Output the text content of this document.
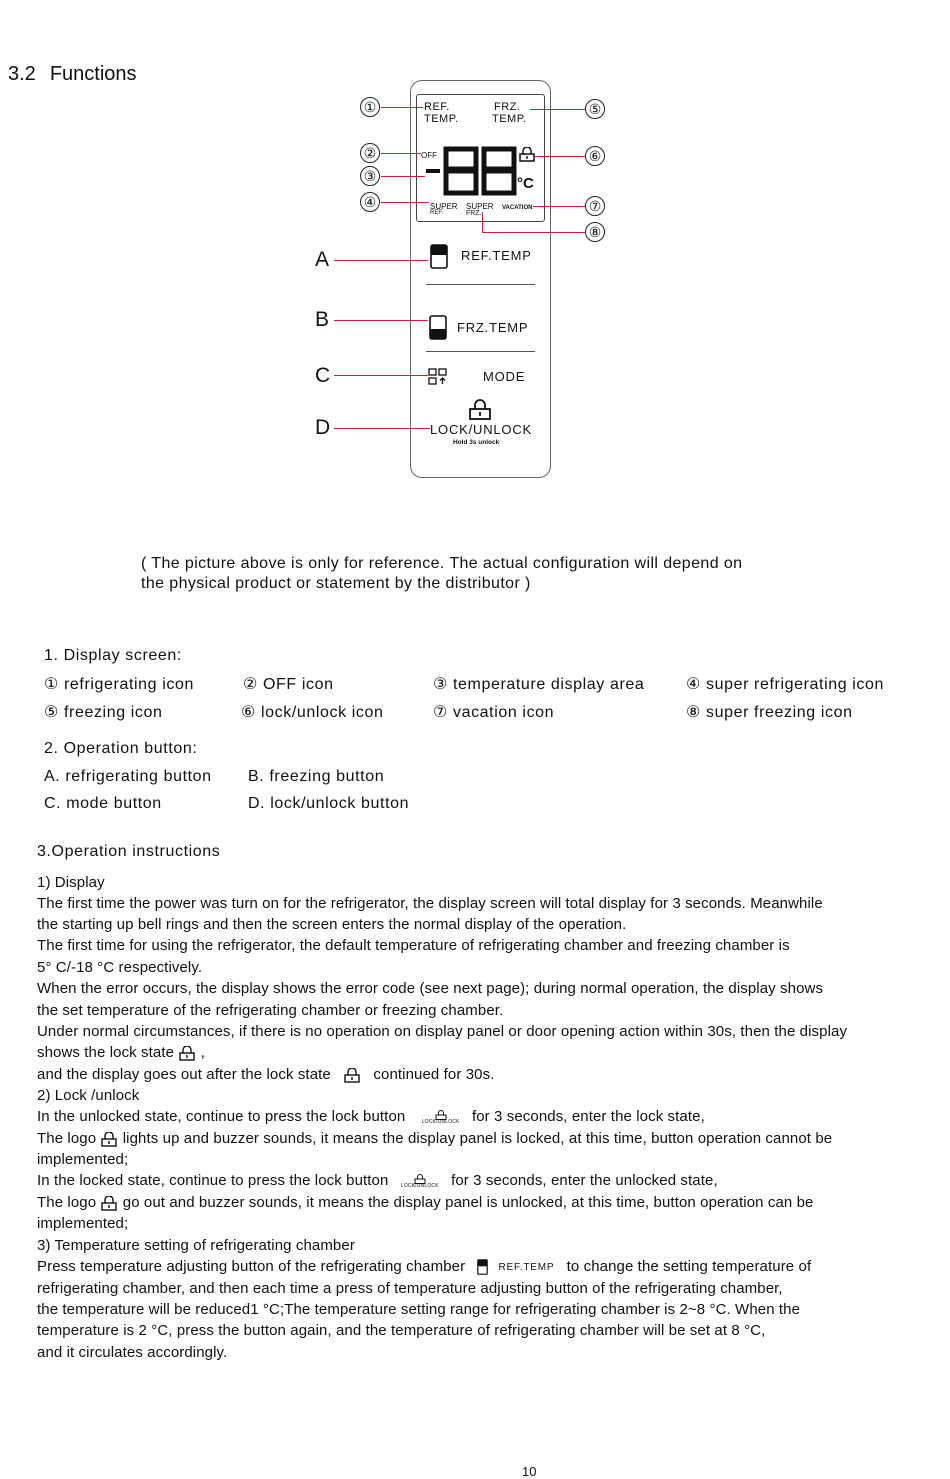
3.2 Functions
REF.
TEMP.
FRZ.
TEMP.
OFF
°C
SUPER
REF.
SUPER
FRZ.
VACATION
REF.TEMP
FRZ.TEMP
MODE
LOCK/UNLOCK
Hold 3s unlock
①
②
③
④
⑤
⑥
⑦
⑧
A
B
C
D
( The picture above is only for reference. The actual configuration will depend on
the physical product or statement by the distributor )
1. Display screen:
① refrigerating icon	② OFF icon	③ temperature display area	④ super refrigerating icon
⑤ freezing icon	⑥ lock/unlock icon	⑦ vacation icon	⑧ super freezing icon
2. Operation button:
A. refrigerating button B. freezing button
C. mode button	D. lock/unlock button
3.Operation instructions
1) Display
The first time the power was turn on for the refrigerator, the display screen will total display for 3 seconds. Meanwhile
the starting up bell rings and then the screen enters the normal display of the operation.
The first time for using the refrigerator, the default temperature of refrigerating chamber and freezing chamber is
5° C/-18 °C respectively.
When the error occurs, the display shows the error code (see next page); during normal operation, the display shows
the set temperature of the refrigerating chamber or freezing chamber.
Under normal circumstances, if there is no operation on display panel or door opening action within 30s, then the display
shows the lock state ,
and the display goes out after the lock state	continued for 30s.
2) Lock /unlock
In the unlocked state, continue to press the lock button	LOCK/UNLOCK for 3 seconds, enter the lock state,
The logo lights up and buzzer sounds, it means the display panel is locked, at this time, button operation cannot be
implemented;
In the locked state, continue to press the lock button LOCK/UNLOCK for 3 seconds, enter the unlocked state,
The logo go out and buzzer sounds, it means the display panel is unlocked, at this time, button operation can be
implemented;
3) Temperature setting of refrigerating chamber
Press temperature adjusting button of the refrigerating chamber	REF.TEMP to change the setting temperature of
refrigerating chamber, and then each time a press of temperature adjusting button of the refrigerating chamber,
the temperature will be reduced1 °C;The temperature setting range for refrigerating chamber is 2~8 °C. When the
temperature is 2 °C, press the button again, and the temperature of refrigerating chamber will be set at 8 °C,
and it circulates accordingly.
10
